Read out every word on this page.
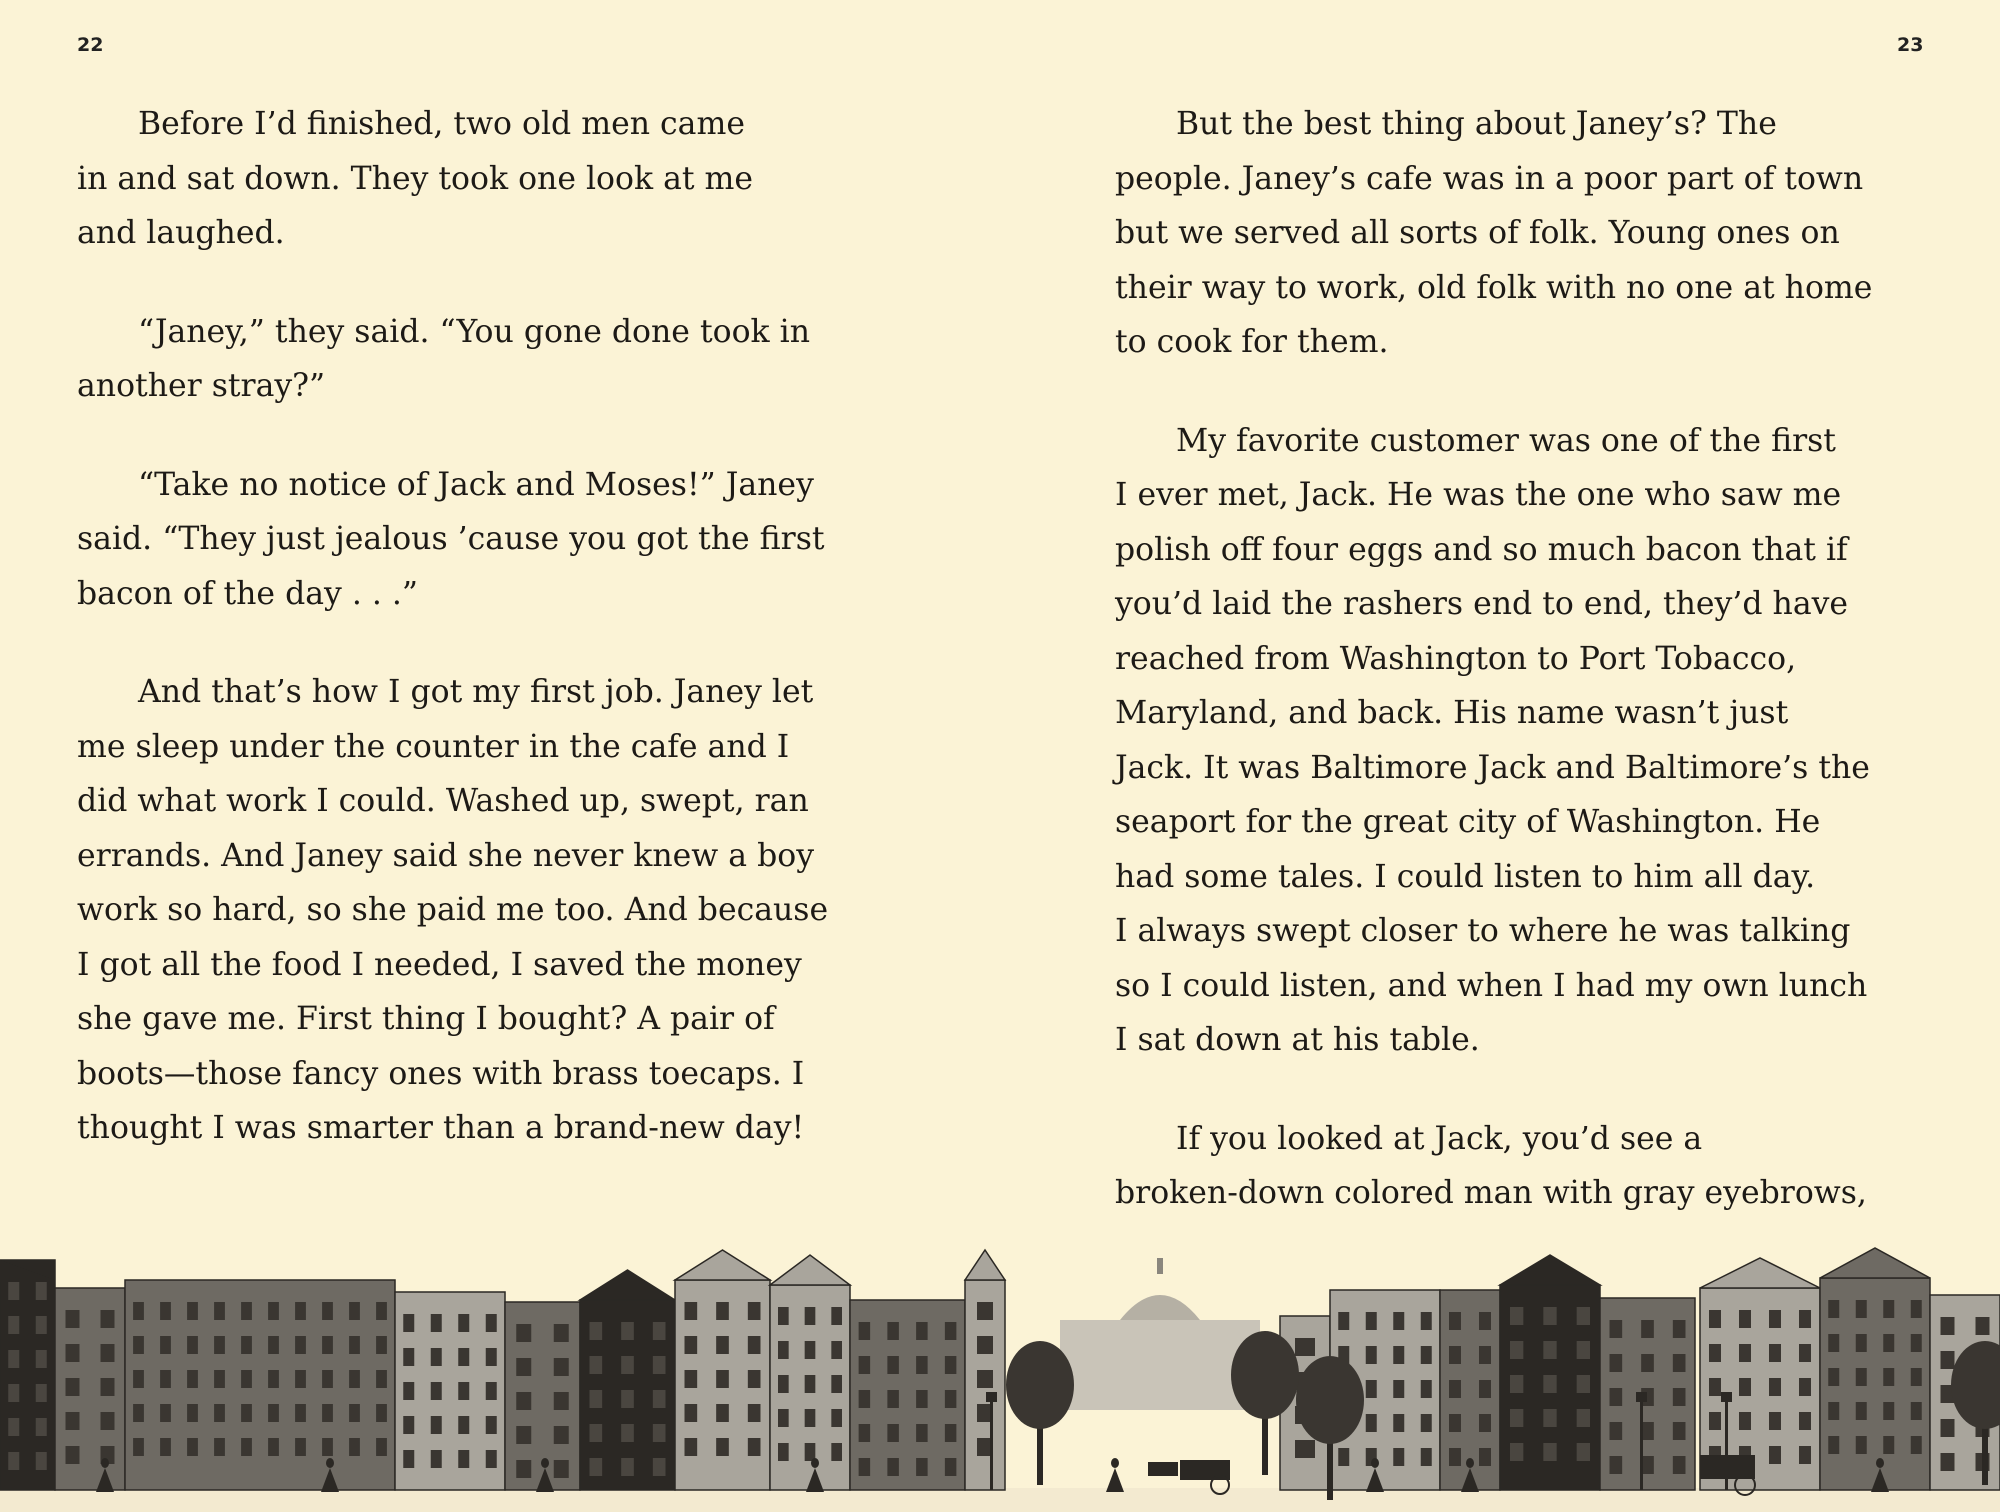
22	23
Before I’d finished, two old men came
in and sat down. They took one look at me
and laughed.
“Janey,” they said. “You gone done took in
another stray?”
“Take no notice of Jack and Moses!” Janey
said. “They just jealous ’cause you got the first
bacon of the day . . .”
And that’s how I got my first job. Janey let
me sleep under the counter in the cafe and I
did what work I could. Washed up, swept, ran
errands. And Janey said she never knew a boy
work so hard, so she paid me too. And because
I got all the food I needed, I saved the money
she gave me. First thing I bought? A pair of
boots—those fancy ones with brass toecaps. I
thought I was smarter than a brand-new day!
But the best thing about Janey’s? The
people. Janey’s cafe was in a poor part of town
but we served all sorts of folk. Young ones on
their way to work, old folk with no one at home
to cook for them.
My favorite customer was one of the first
I ever met, Jack. He was the one who saw me
polish off four eggs and so much bacon that if
you’d laid the rashers end to end, they’d have
reached from Washington to Port Tobacco,
Maryland, and back. His name wasn’t just
Jack. It was Baltimore Jack and Baltimore’s the
seaport for the great city of Washington. He
had some tales. I could listen to him all day.
I always swept closer to where he was talking
so I could listen, and when I had my own lunch
I sat down at his table.
If you looked at Jack, you’d see a
broken-down colored man with gray eyebrows,
